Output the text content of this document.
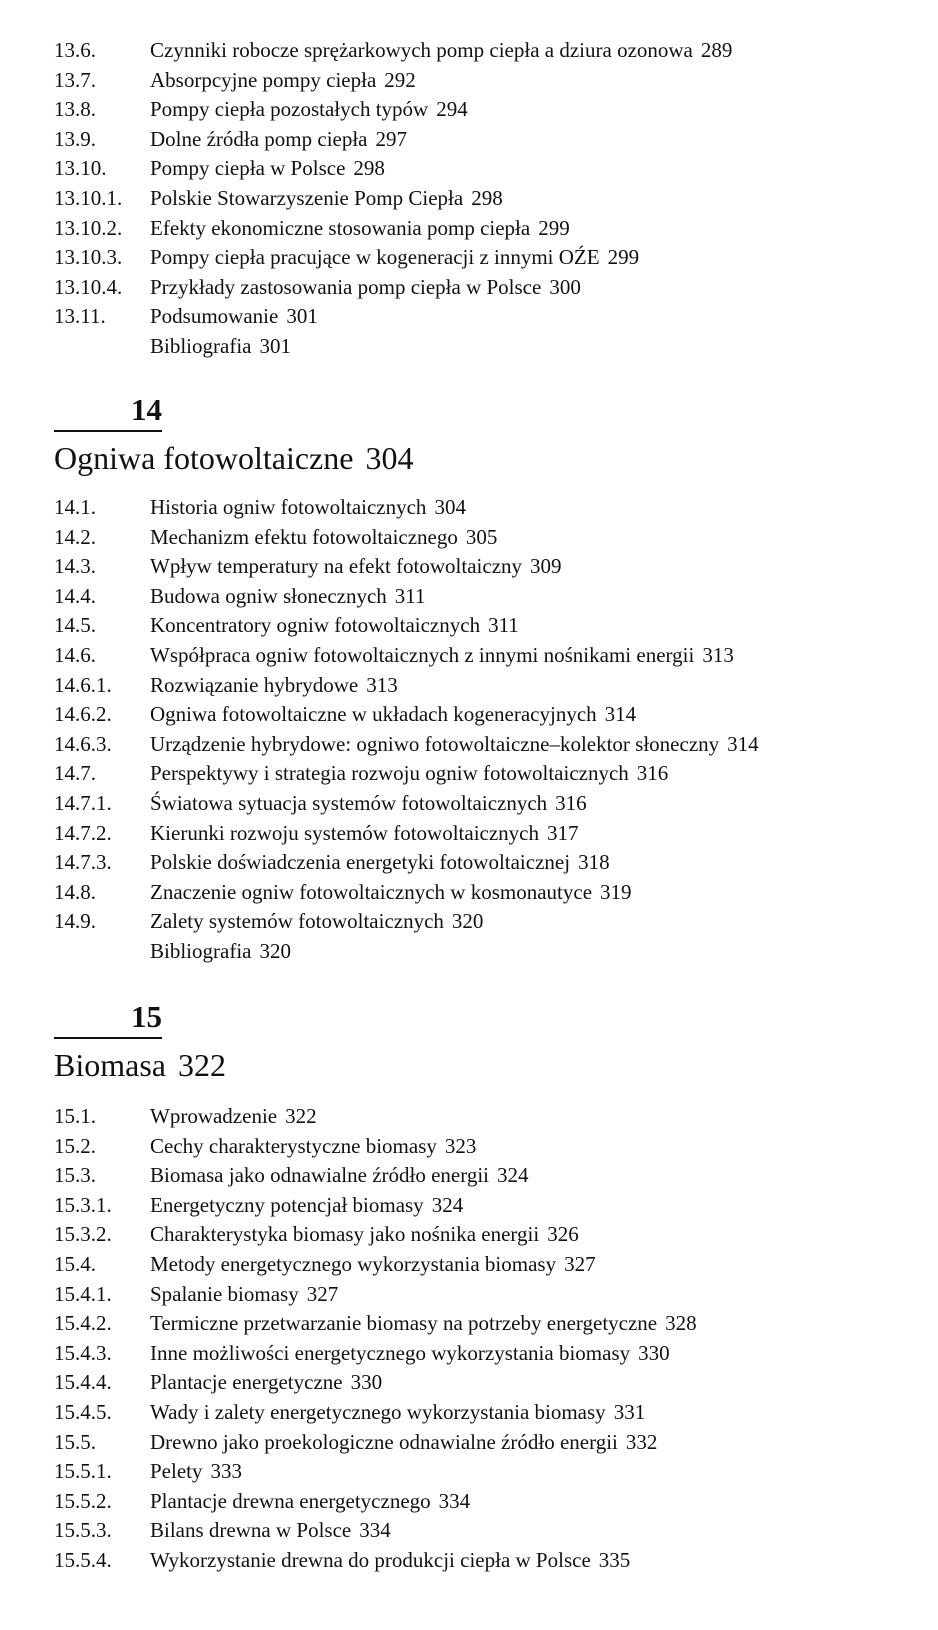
13.6.	Czynniki robocze sprężarkowych pomp ciepła a dziura ozonowa 289
13.7.	Absorpcyjne pompy ciepła 292
13.8.	Pompy ciepła pozostałych typów 294
13.9.	Dolne źródła pomp ciepła 297
13.10.	Pompy ciepła w Polsce 298
13.10.1.	Polskie Stowarzyszenie Pomp Ciepła 298
13.10.2.	Efekty ekonomiczne stosowania pomp ciepła 299
13.10.3.	Pompy ciepła pracujące w kogeneracji z innymi OŹE 299
13.10.4.	Przykłady zastosowania pomp ciepła w Polsce 300
13.11.	Podsumowanie 301
Bibliografia 301
14
Ogniwa fotowoltaiczne 304
14.1.	Historia ogniw fotowoltaicznych 304
14.2.	Mechanizm efektu fotowoltaicznego 305
14.3.	Wpływ temperatury na efekt fotowoltaiczny 309
14.4.	Budowa ogniw słonecznych 311
14.5.	Koncentratory ogniw fotowoltaicznych 311
14.6.	Współpraca ogniw fotowoltaicznych z innymi nośnikami energii 313
14.6.1.	Rozwiązanie hybrydowe 313
14.6.2.	Ogniwa fotowoltaiczne w układach kogeneracyjnych 314
14.6.3.	Urządzenie hybrydowe: ogniwo fotowoltaiczne–kolektor słoneczny 314
14.7.	Perspektywy i strategia rozwoju ogniw fotowoltaicznych 316
14.7.1.	Światowa sytuacja systemów fotowoltaicznych 316
14.7.2.	Kierunki rozwoju systemów fotowoltaicznych 317
14.7.3.	Polskie doświadczenia energetyki fotowoltaicznej 318
14.8.	Znaczenie ogniw fotowoltaicznych w kosmonautyce 319
14.9.	Zalety systemów fotowoltaicznych 320
Bibliografia 320
15
Biomasa 322
15.1.	Wprowadzenie 322
15.2.	Cechy charakterystyczne biomasy 323
15.3.	Biomasa jako odnawialne źródło energii 324
15.3.1.	Energetyczny potencjał biomasy 324
15.3.2.	Charakterystyka biomasy jako nośnika energii 326
15.4.	Metody energetycznego wykorzystania biomasy 327
15.4.1.	Spalanie biomasy 327
15.4.2.	Termiczne przetwarzanie biomasy na potrzeby energetyczne 328
15.4.3.	Inne możliwości energetycznego wykorzystania biomasy 330
15.4.4.	Plantacje energetyczne 330
15.4.5.	Wady i zalety energetycznego wykorzystania biomasy 331
15.5.	Drewno jako proekologiczne odnawialne źródło energii 332
15.5.1.	Pelety 333
15.5.2.	Plantacje drewna energetycznego 334
15.5.3.	Bilans drewna w Polsce 334
15.5.4.	Wykorzystanie drewna do produkcji ciepła w Polsce 335
